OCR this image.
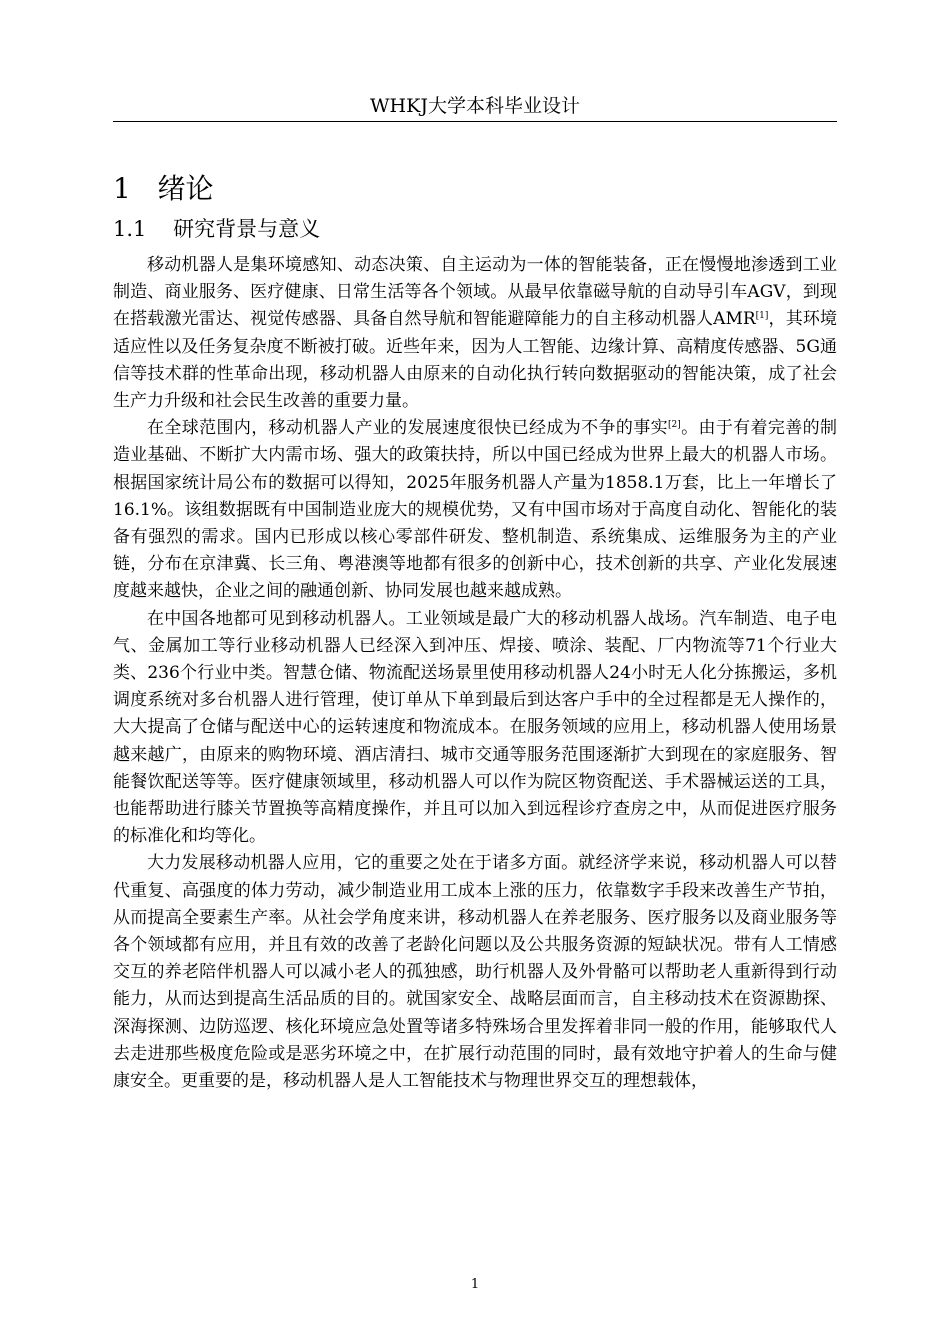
WHKJ大学本科毕业设计
1   绪论
1.1    研究背景与意义

移动机器人是集环境感知、动态决策、自主运动为一体的智能装备，正在慢慢地渗透到工业制造、商业服务、医疗健康、日常生活等各个领域。从最早依靠磁导航的自动导引车AGV，到现在搭载激光雷达、视觉传感器、具备自然导航和智能避障能力的自主移动机器人AMR[1]，其环境适应性以及任务复杂度不断被打破。近些年来，因为人工智能、边缘计算、高精度传感器、5G通信等技术群的性革命出现，移动机器人由原来的自动化执行转向数据驱动的智能决策，成了社会生产力升级和社会民生改善的重要力量。

在全球范围内，移动机器人产业的发展速度很快已经成为不争的事实[2]。由于有着完善的制造业基础、不断扩大内需市场、强大的政策扶持，所以中国已经成为世界上最大的机器人市场。根据国家统计局公布的数据可以得知，2025年服务机器人产量为1858.1万套，比上一年增长了16.1%。该组数据既有中国制造业庞大的规模优势，又有中国市场对于高度自动化、智能化的装备有强烈的需求。国内已形成以核心零部件研发、整机制造、系统集成、运维服务为主的产业链，分布在京津冀、长三角、粤港澳等地都有很多的创新中心，技术创新的共享、产业化发展速度越来越快，企业之间的融通创新、协同发展也越来越成熟。

在中国各地都可见到移动机器人。工业领域是最广大的移动机器人战场。汽车制造、电子电气、金属加工等行业移动机器人已经深入到冲压、焊接、喷涂、装配、厂内物流等71个行业大类、236个行业中类。智慧仓储、物流配送场景里使用移动机器人24小时无人化分拣搬运，多机调度系统对多台机器人进行管理，使订单从下单到最后到达客户手中的全过程都是无人操作的，大大提高了仓储与配送中心的运转速度和物流成本。在服务领域的应用上，移动机器人使用场景越来越广，由原来的购物环境、酒店清扫、城市交通等服务范围逐渐扩大到现在的家庭服务、智能餐饮配送等等。医疗健康领域里，移动机器人可以作为院区物资配送、手术器械运送的工具，也能帮助进行膝关节置换等高精度操作，并且可以加入到远程诊疗查房之中，从而促进医疗服务的标准化和均等化。

大力发展移动机器人应用，它的重要之处在于诸多方面。就经济学来说，移动机器人可以替代重复、高强度的体力劳动，减少制造业用工成本上涨的压力，依靠数字手段来改善生产节拍，从而提高全要素生产率。从社会学角度来讲，移动机器人在养老服务、医疗服务以及商业服务等各个领域都有应用，并且有效的改善了老龄化问题以及公共服务资源的短缺状况。带有人工情感交互的养老陪伴机器人可以减小老人的孤独感，助行机器人及外骨骼可以帮助老人重新得到行动能力，从而达到提高生活品质的目的。就国家安全、战略层面而言，自主移动技术在资源勘探、深海探测、边防巡逻、核化环境应急处置等诸多特殊场合里发挥着非同一般的作用，能够取代人去走进那些极度危险或是恶劣环境之中，在扩展行动范围的同时，最有效地守护着人的生命与健康安全。更重要的是，移动机器人是人工智能技术与物理世界交互的理想载体，

1
